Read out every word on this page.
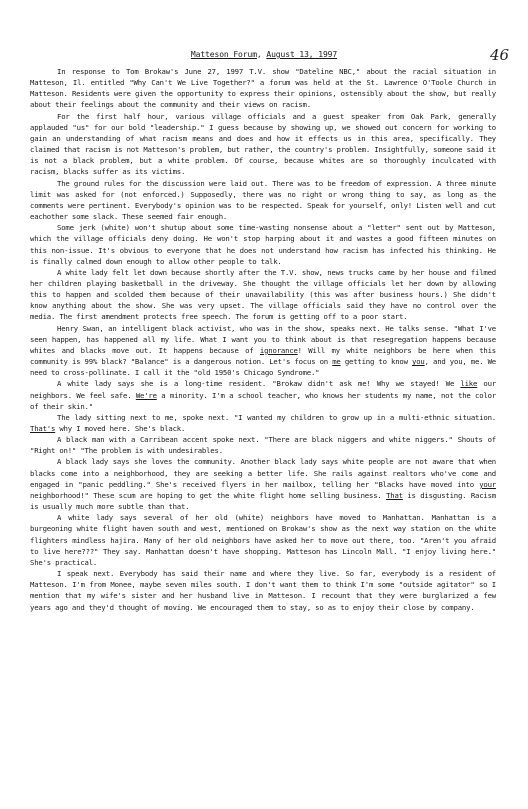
46
Matteson Forum, August 13, 1997

In response to Tom Brokaw's June 27, 1997 T.V. show "Dateline NBC," about the racial situation in Matteson, Il. entitled "Why Can't We Live Together?" a forum was held at the St. Lawrence O'Toole Church in Matteson. Residents were given the opportunity to express their opinions, ostensibly about the show, but really about their feelings about the community and their views on racism.

For the first half hour, various village officials and a guest speaker from Oak Park, generally applauded "us" for our bold "leadership." I guess because by showing up, we showed out concern for working to gain an understanding of what racism means and does and how it effects us in this area, specifically. They claimed that racism is not Matteson's problem, but rather, the country's problem. Insightfully, someone said it is not a black problem, but a white problem. Of course, because whites are so thoroughly inculcated with racism, blacks suffer as its victims.

The ground rules for the discussion were laid out. There was to be freedom of expression. A three minute limit was asked for (not enforced.) Supposedly, there was no right or wrong thing to say, as long as the comments were pertinent. Everybody's opinion was to be respected. Speak for yourself, only! Listen well and cut eachother some slack. These seemed fair enough.

Some jerk (white) won't shutup about some time-wasting nonsense about a "letter" sent out by Matteson, which the village officials deny doing. He won't stop harping about it and wastes a good fifteen minutes on this non-issue. It's obvious to everyone that he does not understand how racism has infected his thinking. He is finally calmed down enough to allow other people to talk.

A white lady felt let down because shortly after the T.V. show, news trucks came by her house and filmed her children playing basketball in the driveway. She thought the village officials let her down by allowing this to happen and scolded them because of their unavailability (this was after business hours.) She didn't know anything about the show. She was very upset. The village officials said they have no control over the media. The first amendment protects free speech. The forum is getting off to a poor start.

Henry Swan, an intelligent black activist, who was in the show, speaks next. He talks sense. "What I've seen happen, has happened all my life. What I want you to think about is that resegregation happens because whites and blacks move out. It happens because of ignorance! Will my white neighbors be here when this community is 99% black? "Balance" is a dangerous notion. Let's focus on me getting to know you, and you, me. We need to cross-pollinate. I call it the "old 1950's Chicago Syndrome."

A white lady says she is a long-time resident. "Brokaw didn't ask me! Why we stayed! We like our neighbors. We feel safe. We're a minority. I'm a school teacher, who knows her students my name, not the color of their skin."

The lady sitting next to me, spoke next. "I wanted my children to grow up in a multi-ethnic situation. That's why I moved here. She's black.

A black man with a Carribean accent spoke next. "There are black niggers and white niggers." Shouts of "Right on!" "The problem is with undesirables.

A black lady says she loves the community. Another black lady says white people are not aware that when blacks come into a neighborhood, they are seeking a better life. She rails against realtors who've come and engaged in "panic peddling." She's received flyers in her mailbox, telling her "Blacks have moved into your neighborhood!" These scum are hoping to get the white flight home selling business. That is disgusting. Racism is usually much more subtle than that.

A white lady says several of her old (white) neighbors have moved to Manhattan. Manhattan is a burgeoning white flight haven south and west, mentioned on Brokaw's show as the next way station on the white flighters mindless hajira. Many of her old neighbors have asked her to move out there, too. "Aren't you afraid to live here???" They say. Manhattan doesn't have shopping. Matteson has Lincoln Mall. "I enjoy living here." She's practical.

I speak next. Everybody has said their name and where they live. So far, everybody is a resident of Matteson. I'm from Monee, maybe seven miles south. I don't want them to think I'm some "outside agitator" so I mention that my wife's sister and her husband live in Matteson. I recount that they were burglarized a few years ago and they'd thought of moving. We encouraged them to stay, so as to enjoy their close by company.
